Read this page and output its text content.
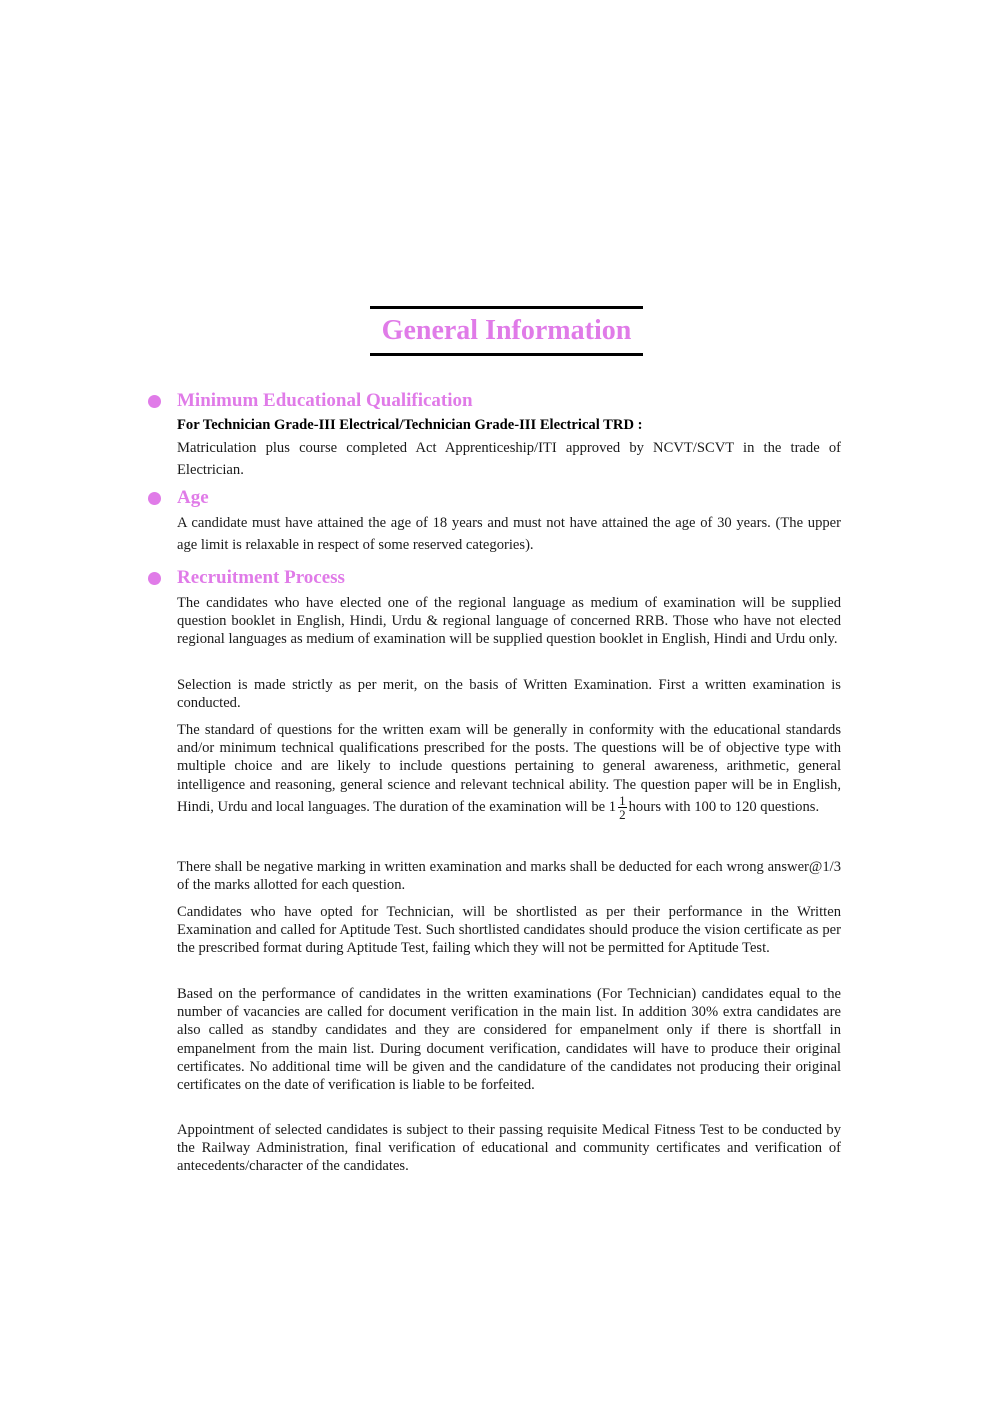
General Information
Minimum Educational Qualification
For Technician Grade-III Electrical/Technician Grade-III Electrical TRD :
Matriculation plus course completed Act Apprenticeship/ITI approved by NCVT/SCVT in the trade of Electrician.
Age
A candidate must have attained the age of 18 years and must not have attained the age of 30 years. (The upper age limit is relaxable in respect of some reserved categories).
Recruitment Process
The candidates who have elected one of the regional language as medium of examination will be supplied question booklet in English, Hindi, Urdu & regional language of concerned RRB. Those who have not elected regional languages as medium of examination will be supplied question booklet in English, Hindi and Urdu only.
Selection is made strictly as per merit, on the basis of Written Examination. First a written examination is conducted.
The standard of questions for the written exam will be generally in conformity with the educational standards and/or minimum technical qualifications prescribed for the posts. The questions will be of objective type with multiple choice and are likely to include questions pertaining to general awareness, arithmetic, general intelligence and reasoning, general science and relevant technical ability. The question paper will be in English, Hindi, Urdu and local languages. The duration of the examination will be $1 \frac{1}{2}$ hours with 100 to 120 questions.
There shall be negative marking in written examination and marks shall be deducted for each wrong answer@1/3 of the marks allotted for each question.
Candidates who have opted for Technician, will be shortlisted as per their performance in the Written Examination and called for Aptitude Test. Such shortlisted candidates should produce the vision certificate as per the prescribed format during Aptitude Test, failing which they will not be permitted for Aptitude Test.
Based on the performance of candidates in the written examinations (For Technician) candidates equal to the number of vacancies are called for document verification in the main list. In addition 30% extra candidates are also called as standby candidates and they are considered for empanelment only if there is shortfall in empanelment from the main list. During document verification, candidates will have to produce their original certificates. No additional time will be given and the candidature of the candidates not producing their original certificates on the date of verification is liable to be forfeited.
Appointment of selected candidates is subject to their passing requisite Medical Fitness Test to be conducted by the Railway Administration, final verification of educational and community certificates and verification of antecedents/character of the candidates.
